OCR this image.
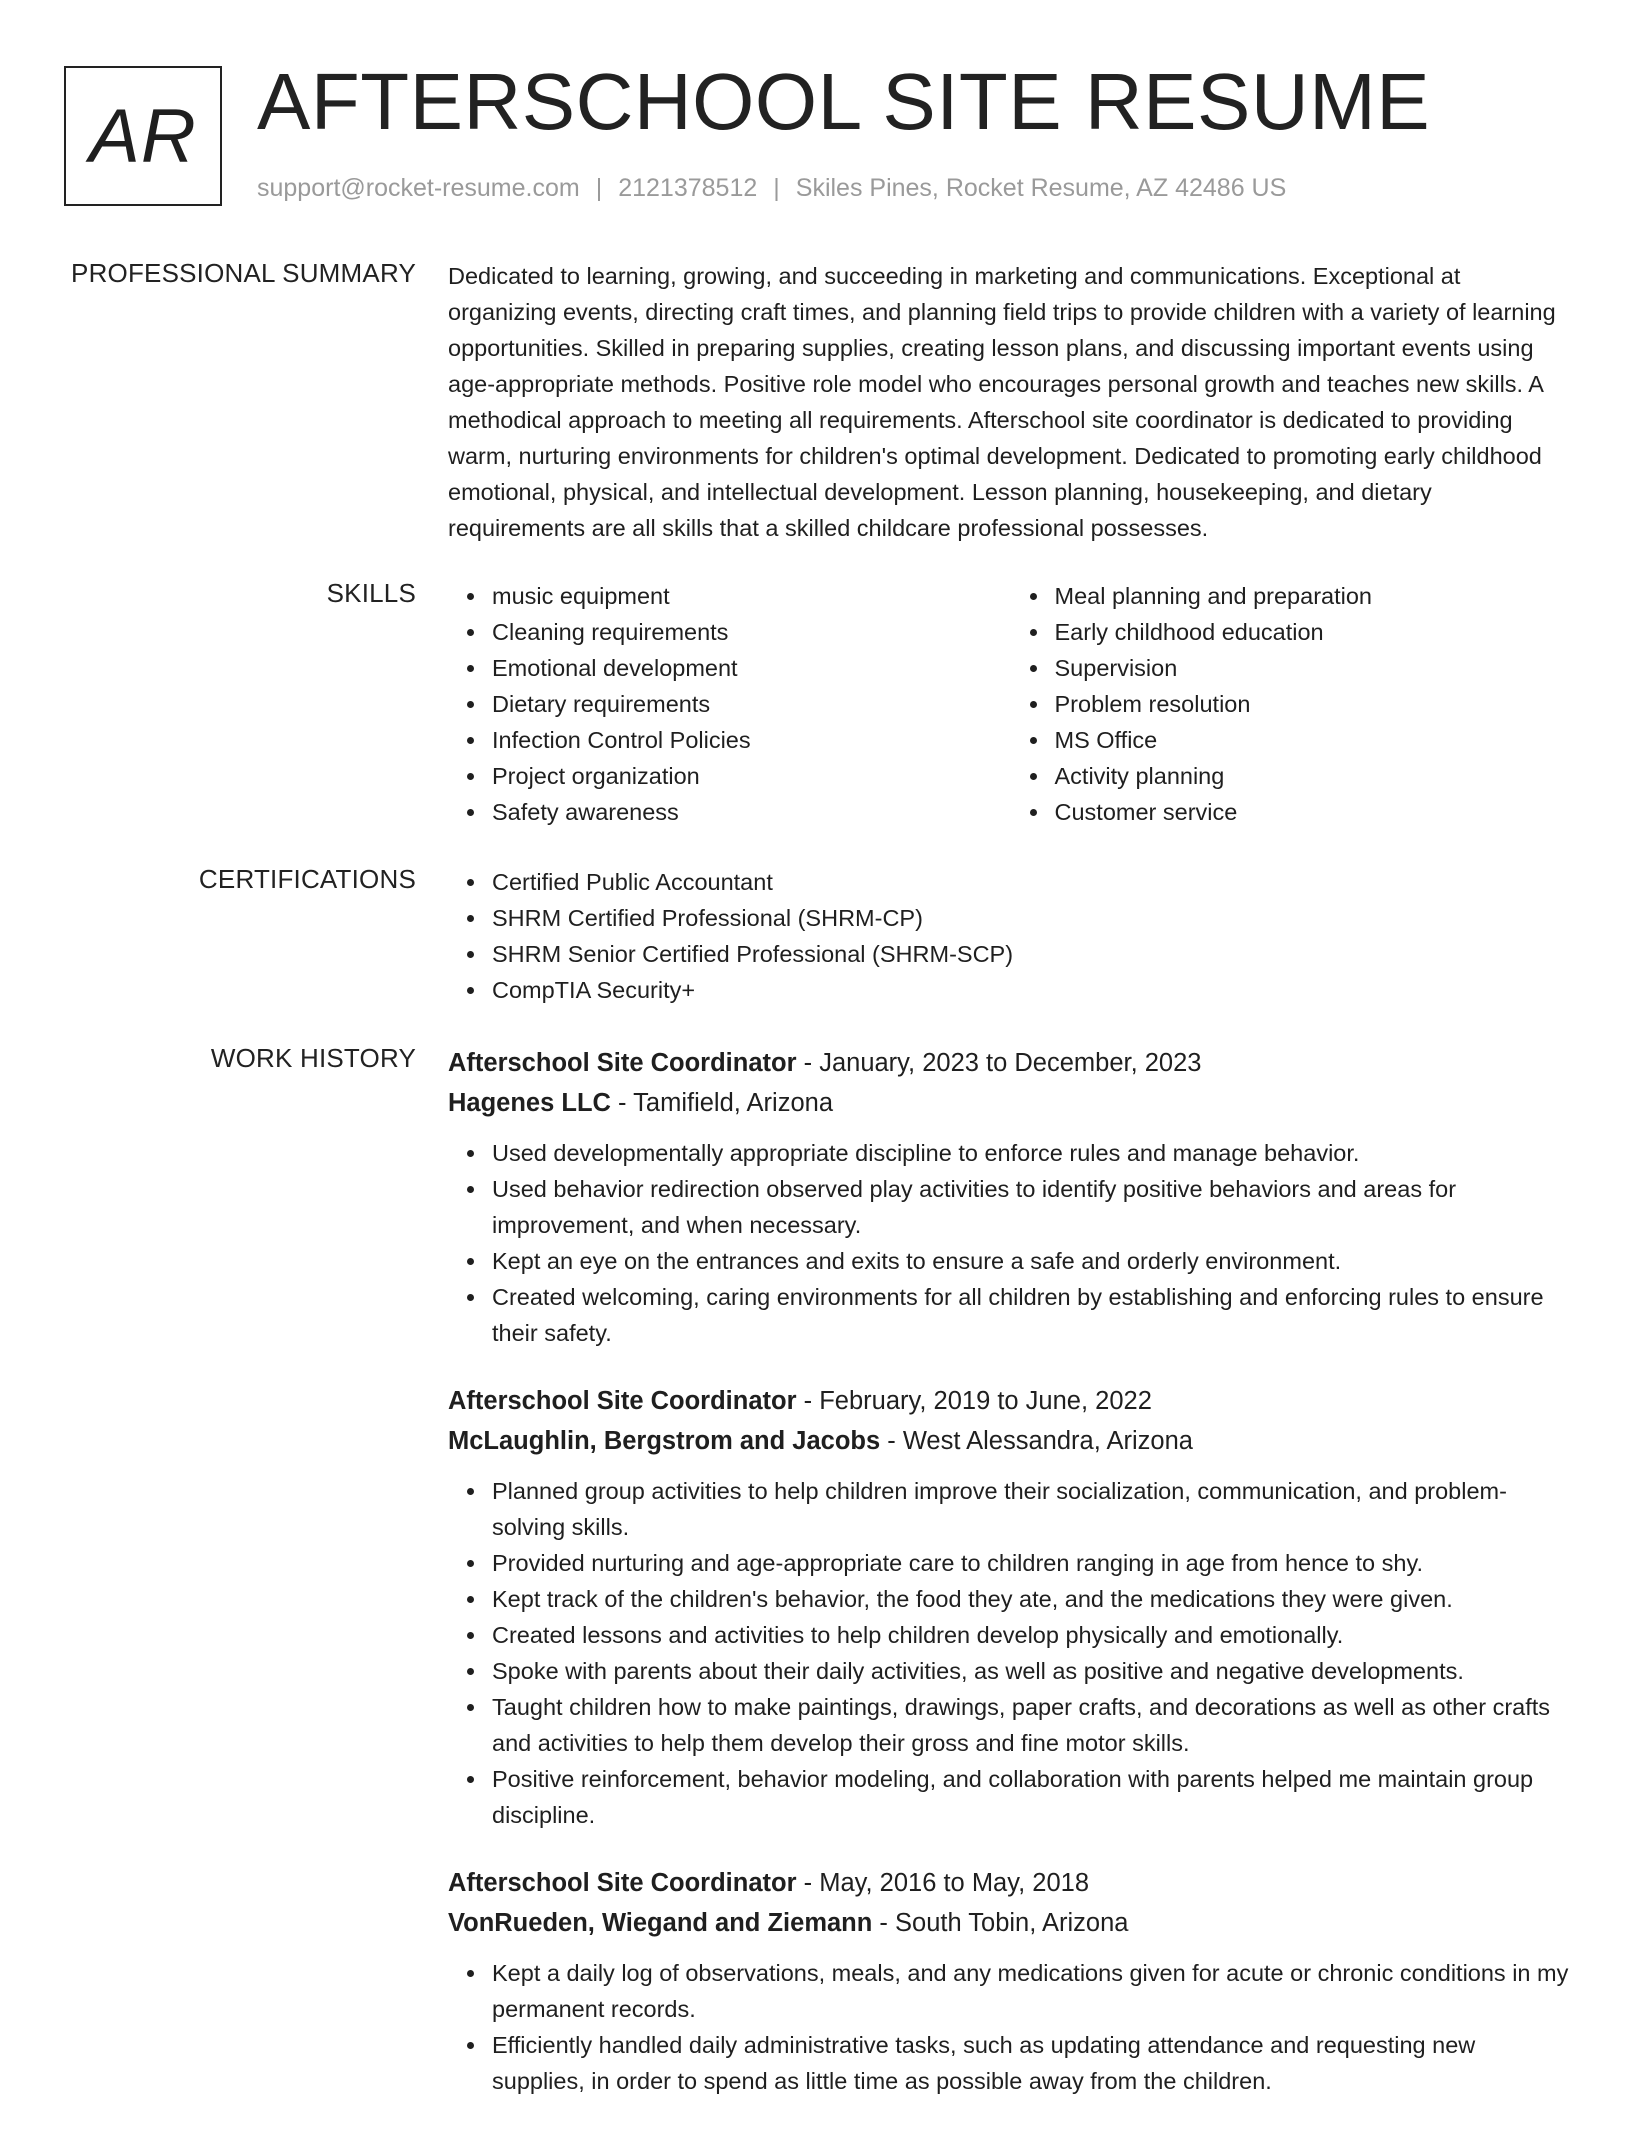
AR AFTERSCHOOL SITE RESUME
support@rocket-resume.com | 2121378512 | Skiles Pines, Rocket Resume, AZ 42486 US
PROFESSIONAL SUMMARY Dedicated to learning, growing, and succeeding in marketing and communications. Exceptional at organizing events, directing craft times, and planning field trips to provide children with a variety of learning opportunities. Skilled in preparing supplies, creating lesson plans, and discussing important events using age-appropriate methods. Positive role model who encourages personal growth and teaches new skills. A methodical approach to meeting all requirements. Afterschool site coordinator is dedicated to providing warm, nurturing environments for children's optimal development. Dedicated to promoting early childhood emotional, physical, and intellectual development. Lesson planning, housekeeping, and dietary requirements are all skills that a skilled childcare professional possesses.

SKILLS	music equipment
Cleaning requirements
Emotional development
Dietary requirements
Infection Control Policies
Project organization
Safety awareness
Meal planning and preparation
Early childhood education
Supervision
Problem resolution
MS Office
Activity planning
Customer service
CERTIFICATIONS	Certified Public Accountant
SHRM Certified Professional (SHRM-CP)
SHRM Senior Certified Professional (SHRM-SCP)
CompTIA Security+
WORK HISTORY Afterschool Site Coordinator - January, 2023 to December, 2023
Hagenes LLC - Tamifield, Arizona
Used developmentally appropriate discipline to enforce rules and manage behavior.
Used behavior redirection observed play activities to identify positive behaviors and areas for improvement, and when necessary.
Kept an eye on the entrances and exits to ensure a safe and orderly environment.
Created welcoming, caring environments for all children by establishing and enforcing rules to ensure their safety.
Afterschool Site Coordinator - February, 2019 to June, 2022
McLaughlin, Bergstrom and Jacobs - West Alessandra, Arizona
Planned group activities to help children improve their socialization, communication, and problem-solving skills.
Provided nurturing and age-appropriate care to children ranging in age from hence to shy.
Kept track of the children's behavior, the food they ate, and the medications they were given.
Created lessons and activities to help children develop physically and emotionally.
Spoke with parents about their daily activities, as well as positive and negative developments.
Taught children how to make paintings, drawings, paper crafts, and decorations as well as other crafts and activities to help them develop their gross and fine motor skills.
Positive reinforcement, behavior modeling, and collaboration with parents helped me maintain group discipline.
Afterschool Site Coordinator - May, 2016 to May, 2018
VonRueden, Wiegand and Ziemann - South Tobin, Arizona
Kept a daily log of observations, meals, and any medications given for acute or chronic conditions in my permanent records.
Efficiently handled daily administrative tasks, such as updating attendance and requesting new supplies, in order to spend as little time as possible away from the children.
